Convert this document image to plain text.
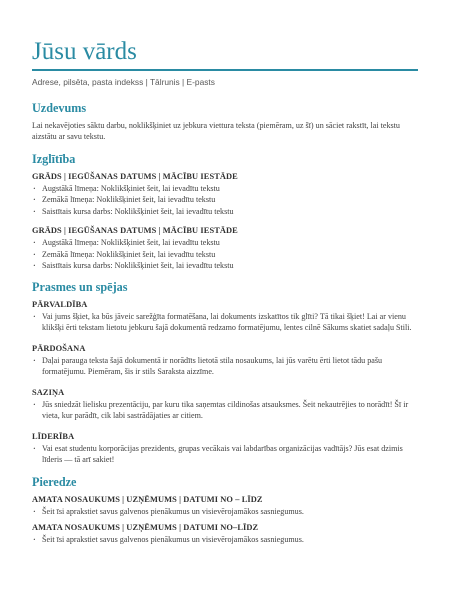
Jūsu vārds
Adrese, pilsēta, pasta indekss | Tālrunis | E-pasts
Uzdevums

Lai nekavējoties sāktu darbu, noklikšķiniet uz jebkura viettura teksta (piemēram, uz šī) un sāciet rakstīt, lai tekstu aizstātu ar savu tekstu.

Izglītība
GRĀDS | IEGŪŠANAS DATUMS | MĀCĪBU IESTĀDE
· Augstākā līmeņa: Noklikšķiniet šeit, lai ievadītu tekstu
· Zemākā līmeņa: Noklikšķiniet šeit, lai ievadītu tekstu
· Saistītais kursa darbs: Noklikšķiniet šeit, lai ievadītu tekstu
GRĀDS | IEGŪŠANAS DATUMS | MĀCĪBU IESTĀDE
· Augstākā līmeņa: Noklikšķiniet šeit, lai ievadītu tekstu
· Zemākā līmeņa: Noklikšķiniet šeit, lai ievadītu tekstu
· Saistītais kursa darbs: Noklikšķiniet šeit, lai ievadītu tekstu
Prasmes un spējas
PĀRVALDĪBA
· Vai jums šķiet, ka būs jāveic sarežģīta formatēšana, lai dokuments izskatītos tik glīti? Tā tikai šķiet! Lai ar vienu klikšķi ērti tekstam lietotu jebkuru šajā dokumentā redzamo formatējumu, lentes cilnē Sākums skatiet sadaļu Stili.
PĀRDOŠANA
· Daļai parauga teksta šajā dokumentā ir norādīts lietotā stila nosaukums, lai jūs varētu ērti lietot tādu pašu formatējumu. Piemēram, šis ir stils Saraksta aizzīme.
SAZIŅA
· Jūs sniedzāt lielisku prezentāciju, par kuru tika saņemtas cildinošas atsauksmes. Šeit nekautrējies to norādīt! Šī ir vieta, kur parādīt, cik labi sastrādājaties ar citiem.
LĪDERĪBA
· Vai esat studentu korporācijas prezidents, grupas vecākais vai labdarības organizācijas vadītājs? Jūs esat dzimis līderis — tā arī sakiet!
Pieredze
AMATA NOSAUKUMS | UZŅĒMUMS | DATUMI NO – LĪDZ
· Šeit īsi aprakstiet savus galvenos pienākumus un visievērojamākos sasniegumus.
AMATA NOSAUKUMS | UZŅĒMUMS | DATUMI NO–LĪDZ
· Šeit īsi aprakstiet savus galvenos pienākumus un visievērojamākos sasniegumus.
